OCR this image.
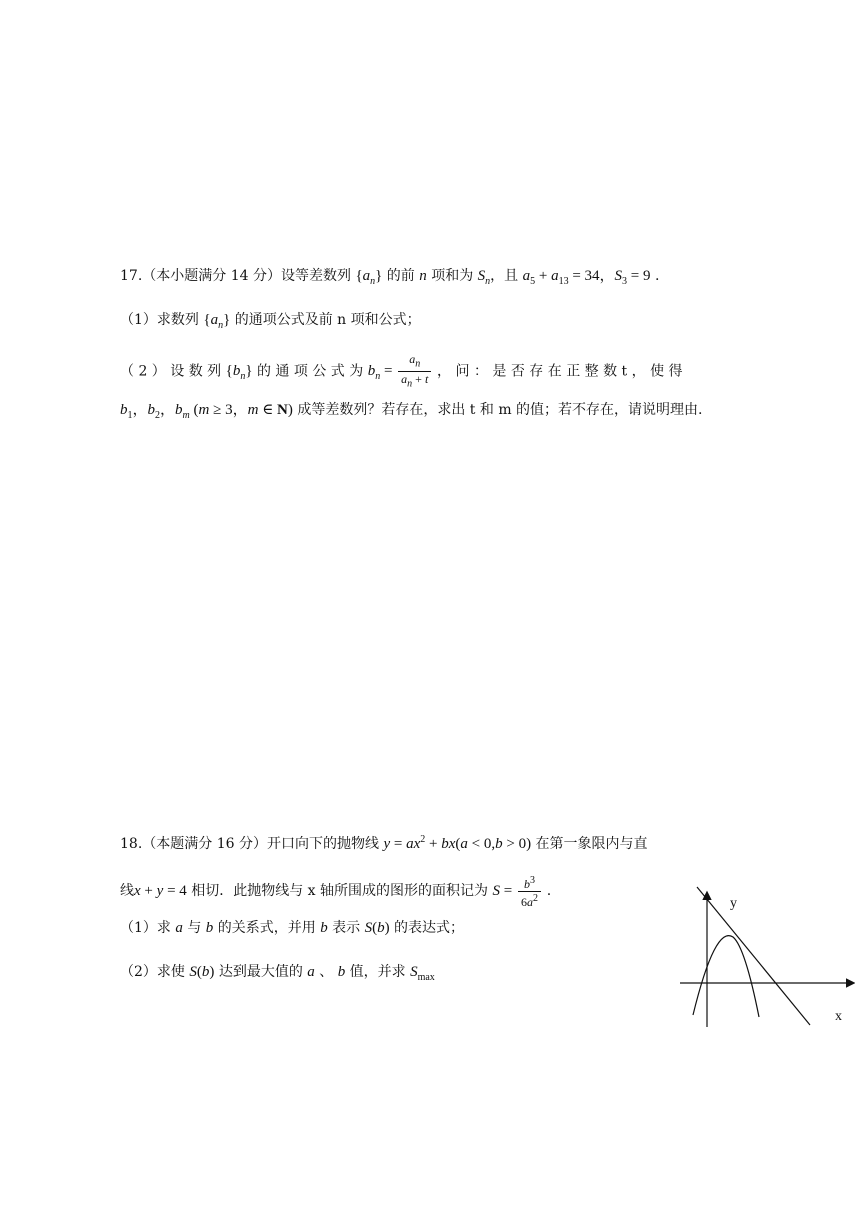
17.（本小题满分 14 分）设等差数列 $\{a_n\}$ 的前 n 项和为 $S_n$，且 $a_5 + a_{13} = 34$，$S_3 = 9$ .
（1）求数列 $\{a_n\}$ 的通项公式及前 n 项和公式；
（ 2 ） 设 数 列 $\{b_n\}$ 的 通 项 公 式 为 $b_n = \frac{a_n}{a_n + t}$ ， 问 ： 是 否 存 在 正 整 数 t ， 使 得
$b_1$，$b_2$，$b_m$ (m ≥ 3，m ∈ N) 成等差数列？若存在，求出 t 和 m 的值；若不存在，请说明理由.
18.（本题满分 16 分）开口向下的抛物线 $y = ax^2 + bx(a < 0,b > 0)$ 在第一象限内与直
线x + y = 4 相切．此抛物线与 x 轴所围成的图形的面积记为 $S = \frac{b^3}{6a^2}$ .
（1）求 a 与 b 的关系式，并用 b 表示 S(b) 的表达式；
（2）求使 S(b) 达到最大值的 a 、 b 值，并求 $S_{max}$
y
x
